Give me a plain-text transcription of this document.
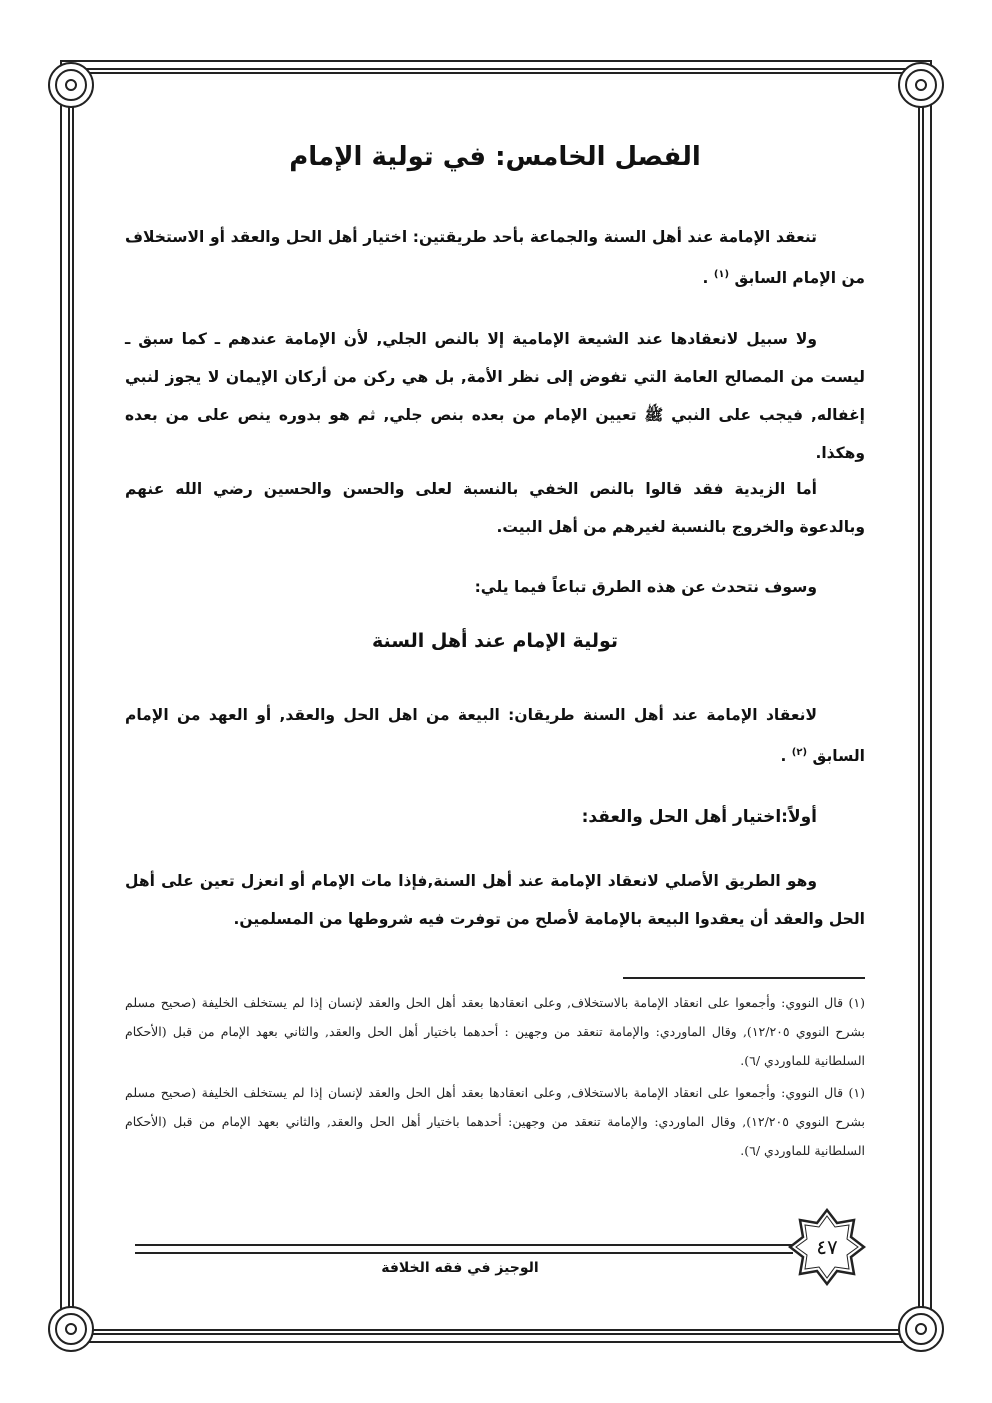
الفصل الخامس: في تولية الإمام

تنعقد الإمامة عند أهل السنة والجماعة بأحد طريقتين: اختيار أهل الحل والعقد أو الاستخلاف من الإمام السابق $^{(١)}$ .

ولا سبيل لانعقادها عند الشيعة الإمامية إلا بالنص الجلي, لأن الإمامة عندهم ـ كما سبق ـ ليست من المصالح العامة التي تفوض إلى نظر الأمة, بل هي ركن من أركان الإيمان لا يجوز لنبي إغفاله, فيجب على النبي ﷺ تعيين الإمام من بعده بنص جلي, ثم هو بدوره ينص على من بعده وهكذا.

أما الزيدية فقد قالوا بالنص الخفي بالنسبة لعلى والحسن والحسين رضي الله عنهم وبالدعوة والخروج بالنسبة لغيرهم من أهل البيت.

وسوف نتحدث عن هذه الطرق تباعاً فيما يلي:

تولية الإمام عند أهل السنة

لانعقاد الإمامة عند أهل السنة طريقان: البيعة من اهل الحل والعقد, أو العهد من الإمام السابق $^{(٢)}$ .

أولاً:اختيار أهل الحل والعقد:

وهو الطريق الأصلي لانعقاد الإمامة عند أهل السنة,فإذا مات الإمام أو انعزل تعين على أهل الحل والعقد أن يعقدوا البيعة بالإمامة لأصلح من توفرت فيه شروطها من المسلمين.

(١) قال النووي: وأجمعوا على انعقاد الإمامة بالاستخلاف, وعلى انعقادها بعقد أهل الحل والعقد لإنسان إذا لم يستخلف الخليفة (صحيح مسلم بشرح النووي ١٢/٢٠٥), وقال الماوردي: والإمامة تنعقد من وجهين : أحدهما باختيار أهل الحل والعقد, والثاني بعهد الإمام من قبل (الأحكام السلطانية للماوردي /٦).

(١) قال النووي: وأجمعوا على انعقاد الإمامة بالاستخلاف, وعلى انعقادها بعقد أهل الحل والعقد لإنسان إذا لم يستخلف الخليفة (صحيح مسلم بشرح النووي ١٢/٢٠٥), وقال الماوردي: والإمامة تنعقد من وجهين: أحدهما باختيار أهل الحل والعقد, والثاني بعهد الإمام من قبل (الأحكام السلطانية للماوردي /٦).

٤٧
الوجيز في فقه الخلافة
